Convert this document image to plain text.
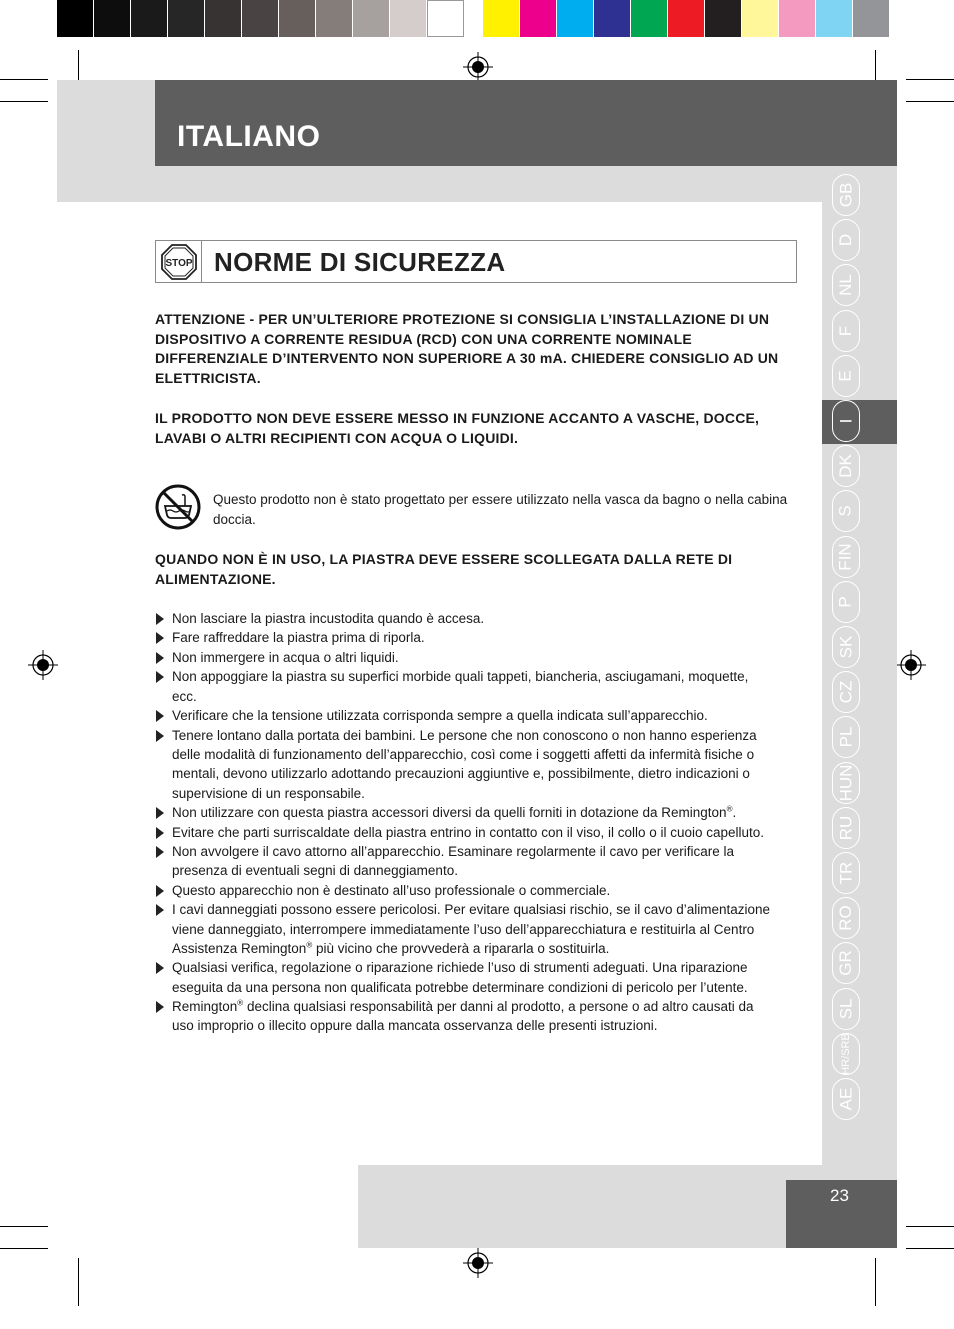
ITALIANO
GB
D
NL
F
E
I
DK
S
FIN
P
SK
CZ
PL
HUN
RU
TR
RO
GR
SL
HR/SRB
AE
23
STOP NORME DI SICUREZZA
ATTENZIONE - PER UN’ULTERIORE PROTEZIONE SI CONSIGLIA L’INSTALLAZIONE DI UN DISPOSITIVO A CORRENTE RESIDUA (RCD) CON UNA CORRENTE NOMINALE DIFFERENZIALE D’INTERVENTO NON SUPERIORE A 30 mA. CHIEDERE CONSIGLIO AD UN ELETTRICISTA.
IL PRODOTTO NON DEVE ESSERE MESSO IN FUNZIONE ACCANTO A VASCHE, DOCCE, LAVABI O ALTRI RECIPIENTI CON ACQUA O LIQUIDI.
Questo prodotto non è stato progettato per essere utilizzato nella vasca da bagno o nella cabina doccia.
QUANDO NON È IN USO, LA PIASTRA DEVE ESSERE SCOLLEGATA DALLA RETE DI ALIMENTAZIONE.
Non lasciare la piastra incustodita quando è accesa.
Fare raffreddare la piastra prima di riporla.
Non immergere in acqua o altri liquidi.
Non appoggiare la piastra su superfici morbide quali tappeti, biancheria, asciugamani, moquette, ecc.
Verificare che la tensione utilizzata corrisponda sempre a quella indicata sull’apparecchio.
Tenere lontano dalla portata dei bambini. Le persone che non conoscono o non hanno esperienza delle modalità di funzionamento dell’apparecchio, così come i soggetti affetti da infermità fisiche o mentali, devono utilizzarlo adottando precauzioni aggiuntive e, possibilmente, dietro indicazioni o supervisione di un responsabile.
Non utilizzare con questa piastra accessori diversi da quelli forniti in dotazione da Remington®.
Evitare che parti surriscaldate della piastra entrino in contatto con il viso, il collo o il cuoio capelluto.
Non avvolgere il cavo attorno all’apparecchio. Esaminare regolarmente il cavo per verificare la presenza di eventuali segni di danneggiamento.
Questo apparecchio non è destinato all’uso professionale o commerciale.
I cavi danneggiati possono essere pericolosi. Per evitare qualsiasi rischio, se il cavo d’alimentazione viene danneggiato, interrompere immediatamente l’uso dell’apparecchiatura e restituirla al Centro Assistenza Remington® più vicino che provvederà a ripararla o sostituirla.
Qualsiasi verifica, regolazione o riparazione richiede l’uso di strumenti adeguati. Una riparazione eseguita da una persona non qualificata potrebbe determinare condizioni di pericolo per l’utente.
Remington® declina qualsiasi responsabilità per danni al prodotto, a persone o ad altro causati da uso improprio o illecito oppure dalla mancata osservanza delle presenti istruzioni.
